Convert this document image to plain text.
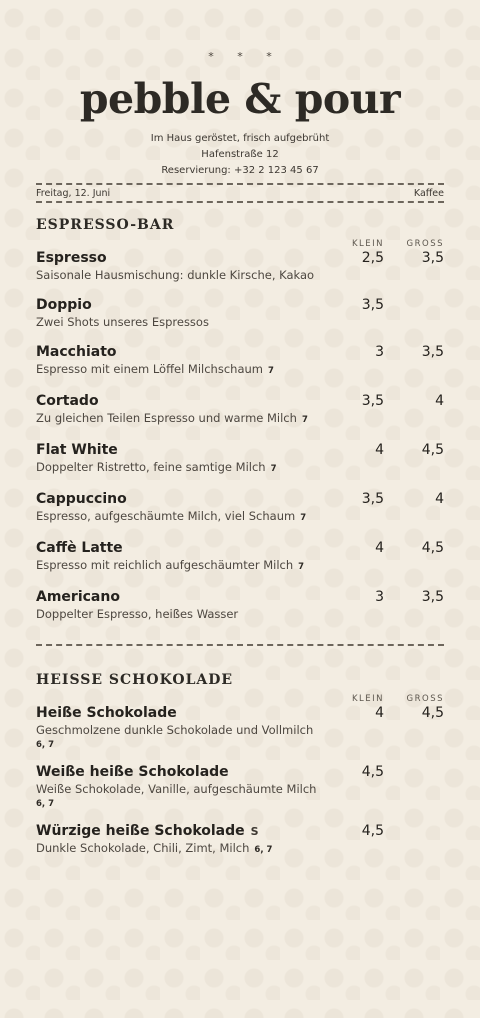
* * *
pebble & pour
Im Haus geröstet, frisch aufgebrüht
Hafenstraße 12
Reservierung: +32 2 123 45 67
Freitag, 12. Juni	Kaffee
ESPRESSO-BAR
KLEIN	GROSS
Espresso	2,5	3,5
Saisonale Hausmischung: dunkle Kirsche, Kakao
Doppio	3,5
Zwei Shots unseres Espressos
Macchiato	3	3,5
Espresso mit einem Löffel Milchschaum 7
Cortado	3,5	4
Zu gleichen Teilen Espresso und warme Milch 7
Flat White	4	4,5
Doppelter Ristretto, feine samtige Milch 7
Cappuccino	3,5	4
Espresso, aufgeschäumte Milch, viel Schaum 7
Caffè Latte	4	4,5
Espresso mit reichlich aufgeschäumter Milch 7
Americano	3	3,5
Doppelter Espresso, heißes Wasser
HEISSE SCHOKOLADE
KLEIN	GROSS
Heiße Schokolade	4	4,5
Geschmolzene dunkle Schokolade und Vollmilch
6, 7
Weiße heiße Schokolade	4,5
Weiße Schokolade, Vanille, aufgeschäumte Milch
6, 7
Würzige heiße Schokolade S	4,5
Dunkle Schokolade, Chili, Zimt, Milch 6, 7
